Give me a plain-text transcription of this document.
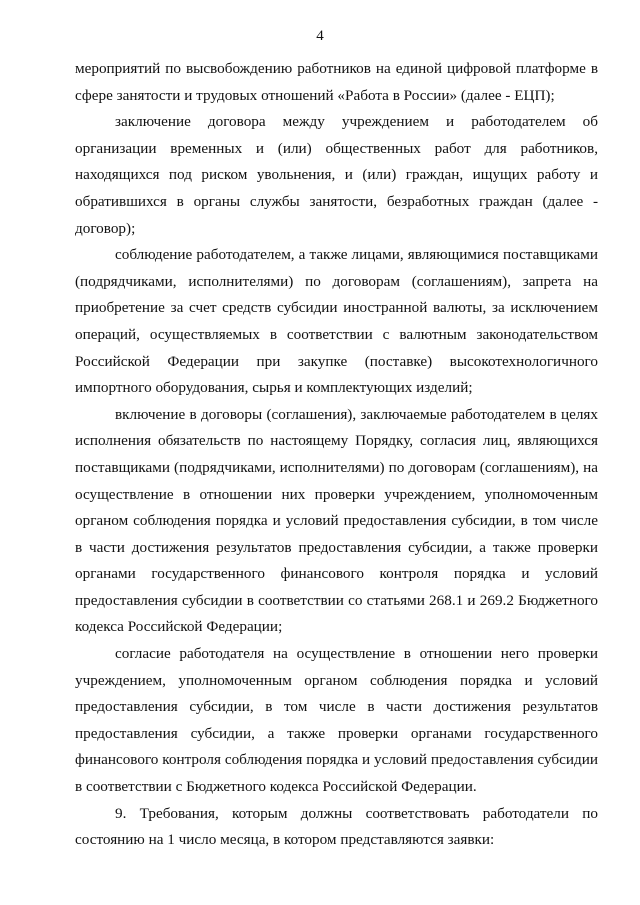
4

мероприятий по высвобождению работников на единой цифровой платформе в сфере занятости и трудовых отношений «Работа в России» (далее - ЕЦП);

заключение договора между учреждением и работодателем об организации временных и (или) общественных работ для работников, находящихся под риском увольнения, и (или) граждан, ищущих работу и обратившихся в органы службы занятости, безработных граждан (далее - договор);

соблюдение работодателем, а также лицами, являющимися поставщиками (подрядчиками, исполнителями) по договорам (соглашениям), запрета на приобретение за счет средств субсидии иностранной валюты, за исключением операций, осуществляемых в соответствии с валютным законодательством Российской Федерации при закупке (поставке) высокотехнологичного импортного оборудования, сырья и комплектующих изделий;

включение в договоры (соглашения), заключаемые работодателем в целях исполнения обязательств по настоящему Порядку, согласия лиц, являющихся поставщиками (подрядчиками, исполнителями) по договорам (соглашениям), на осуществление в отношении них проверки учреждением, уполномоченным органом соблюдения порядка и условий предоставления субсидии, в том числе в части достижения результатов предоставления субсидии, а также проверки органами государственного финансового контроля порядка и условий предоставления субсидии в соответствии со статьями 268.1 и 269.2 Бюджетного кодекса Российской Федерации;

согласие работодателя на осуществление в отношении него проверки учреждением, уполномоченным органом соблюдения порядка и условий предоставления субсидии, в том числе в части достижения результатов предоставления субсидии, а также проверки органами государственного финансового контроля соблюдения порядка и условий предоставления субсидии в соответствии с Бюджетного кодекса Российской Федерации.

9. Требования, которым должны соответствовать работодатели по состоянию на 1 число месяца, в котором представляются заявки:
